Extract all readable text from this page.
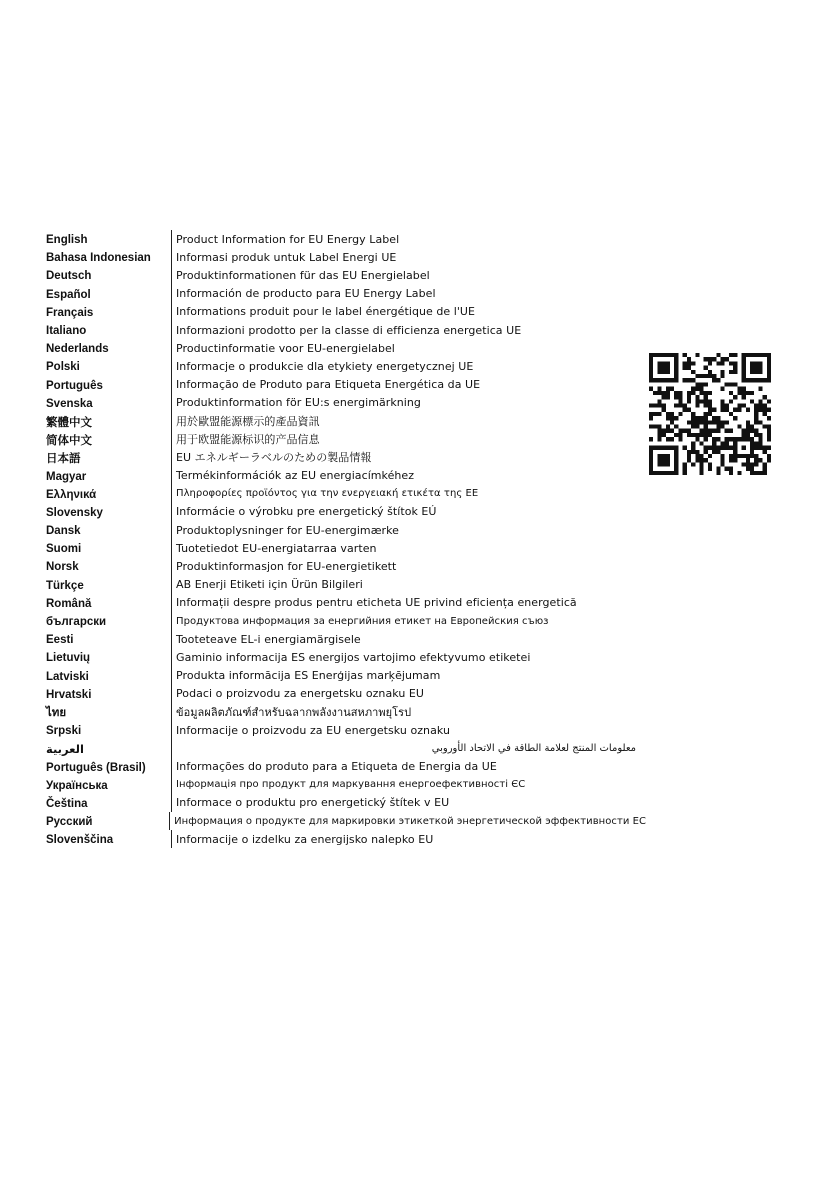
English	Product Information for EU Energy Label
Bahasa Indonesian	Informasi produk untuk Label Energi UE
Deutsch	Produktinformationen für das EU Energielabel
Español	Información de producto para EU Energy Label
Français	Informations produit pour le label énergétique de l'UE
Italiano	Informazioni prodotto per la classe di efficienza energetica UE
Nederlands	Productinformatie voor EU-energielabel
Polski	Informacje o produkcie dla etykiety energetycznej UE
Português	Informação de Produto para Etiqueta Energética da UE
Svenska	Produktinformation för EU:s energimärkning
繁體中文	用於歐盟能源標示的產品資訊
简体中文	用于欧盟能源标识的产品信息
日本語	EU エネルギーラベルのための製品情報
Magyar	Termékinformációk az EU energiacímkéhez
Ελληνικά	Πληροφορίες προϊόντος για την ενεργειακή ετικέτα της ΕΕ
Slovensky	Informácie o výrobku pre energetický štítok EÚ
Dansk	Produktoplysninger for EU-energimærke
Suomi	Tuotetiedot EU-energiatarraa varten
Norsk	Produktinformasjon for EU-energietikett
Türkçe	AB Enerji Etiketi için Ürün Bilgileri
Română	Informații despre produs pentru eticheta UE privind eficiența energetică
български	Продуктова информация за енергийния етикет на Европейския съюз
Eesti	Tooteteave EL-i energiamärgisele
Lietuvių	Gaminio informacija ES energijos vartojimo efektyvumo etiketei
Latviski	Produkta informācija ES Enerģijas marķējumam
Hrvatski	Podaci o proizvodu za energetsku oznaku EU
ไทย	ข้อมูลผลิตภัณฑ์สำหรับฉลากพลังงานสหภาพยุโรป
Srpski	Informacije o proizvodu za EU energetsku oznaku
العربية	معلومات المنتج لعلامة الطاقة في الاتحاد الأوروبي
Português (Brasil)	Informações do produto para a Etiqueta de Energia da UE
Українська	Інформація про продукт для маркування енергоефективності ЄС
Čeština	Informace o produktu pro energetický štítek v EU
Русский	Информация о продукте для маркировки этикеткой энергетической эффективности ЕС
Slovenščina	Informacije o izdelku za energijsko nalepko EU
